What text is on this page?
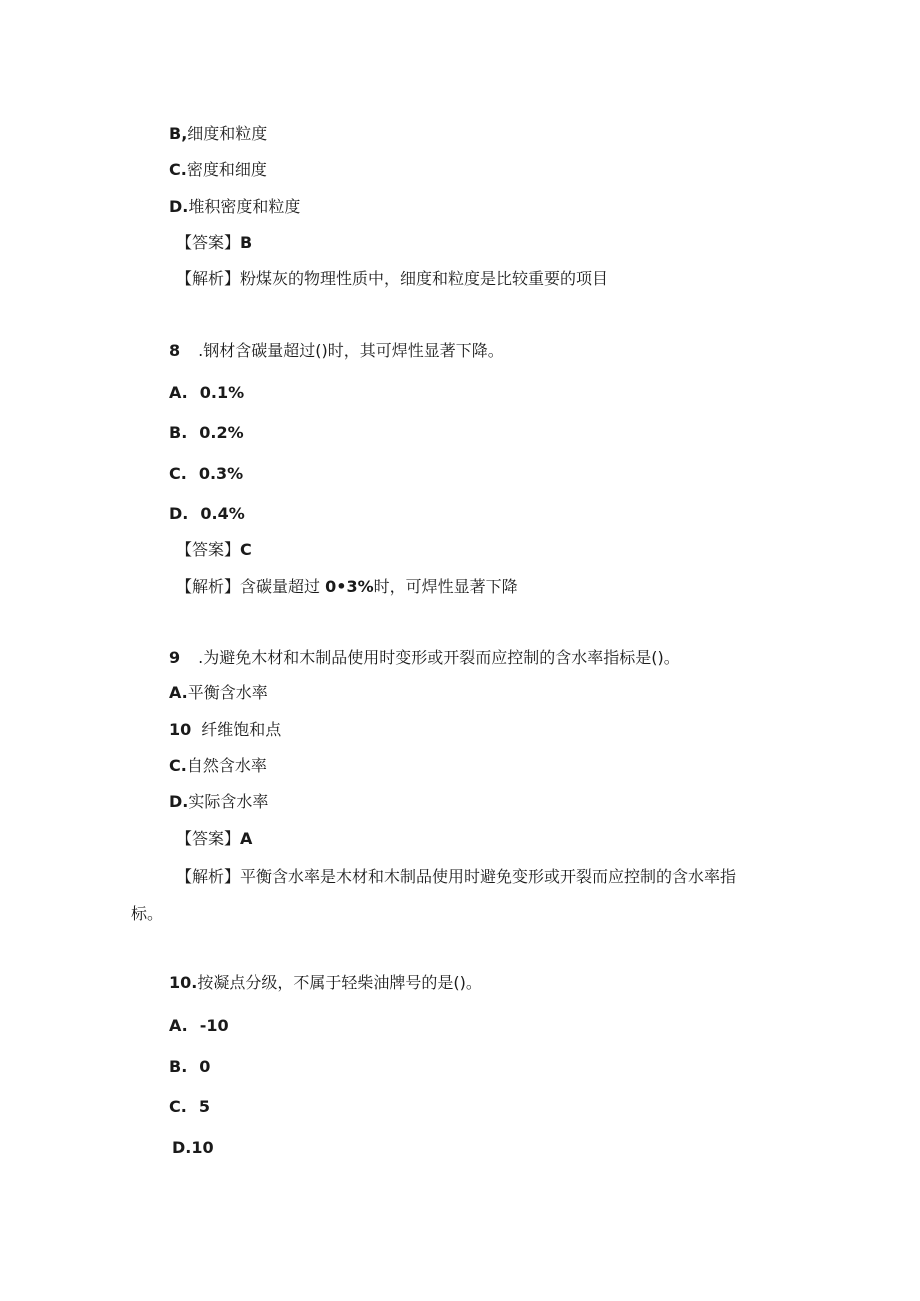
B,细度和粒度
C.密度和细度
D.堆积密度和粒度
【答案】B
【解析】粉煤灰的物理性质中，细度和粒度是比较重要的项目
8 .钢材含碳量超过()时，其可焊性显著下降。
A. 0.1%
B. 0.2%
C. 0.3%
D. 0.4%
【答案】C
【解析】含碳量超过 0•3%时，可焊性显著下降
9 .为避免木材和木制品使用时变形或开裂而应控制的含水率指标是()。
A.平衡含水率
10 纤维饱和点
C.自然含水率
D.实际含水率
【答案】A
【解析】平衡含水率是木材和木制品使用时避免变形或开裂而应控制的含水率指
标。
10.按凝点分级，不属于轻柴油牌号的是()。
A. -10
B. 0
C. 5
D.10
